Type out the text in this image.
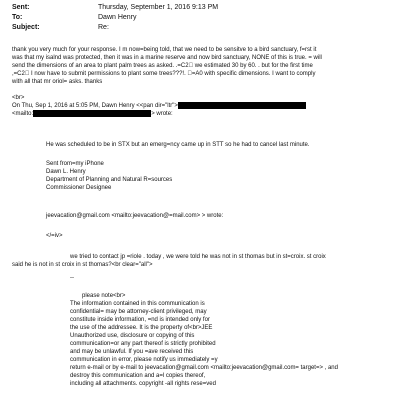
Sent:	Thursday, September 1, 2016 9:13 PM
To:	Dawn Henry
Subject:	Re:
thank you very much for your response. I m now=being told, that we need to be sensitve to a bird sanctuary, f=rst it
was that my isalnd was protected, then it was in a marine reserve and now bird sanctuary, NONE of this is true. = will
send the dimensions of an area to plant palm trees as asked. .=C2  we estimated 30 by 60. . but for the first time
,=C2  I now have to submit permissions to plant some trees???!.  =A0 with specific dimensions. I want to comply
with all that mr oriol= asks. thanks
<br>
On Thu, Sep 1, 2016 at 5:05 PM, Dawn Henry <<pan dir="ltr">
<mailto:	> wrote:
He was scheduled to be in STX but an emerg=ncy came up in STT so he had to cancel last minute.
Sent from=my iPhone
Dawn L. Henry
Department of Planning and Natural R=sources
Commissioner Designee
jeevacation@gmail.com <mailto:jeevacation@=mail.com> > wrote:
</=iv>
we tried to contact jp =riole . today , we were told he was not in st thomas but in st=croix. st croix
said he is not in st croix in st thomas?<br clear="all">
--
please note<br>
The information contained in this communication is
confidential= may be attorney-client privileged, may
constitute inside information, =nd is intended only for
the use of the addressee. It is the property of<br>JEE
Unauthorized use, disclosure or copying of this
communication=or any part thereof is strictly prohibited
and may be unlawful. If you =ave received this
communication in error, please notify us immediately =y
return e-mail or by e-mail to jeevacation@gmail.com <mailto:jeevacation@gmail.com= target=> , and
destroy this communication and a=l copies thereof,
including all attachments. copyright -all rights rese=ved
